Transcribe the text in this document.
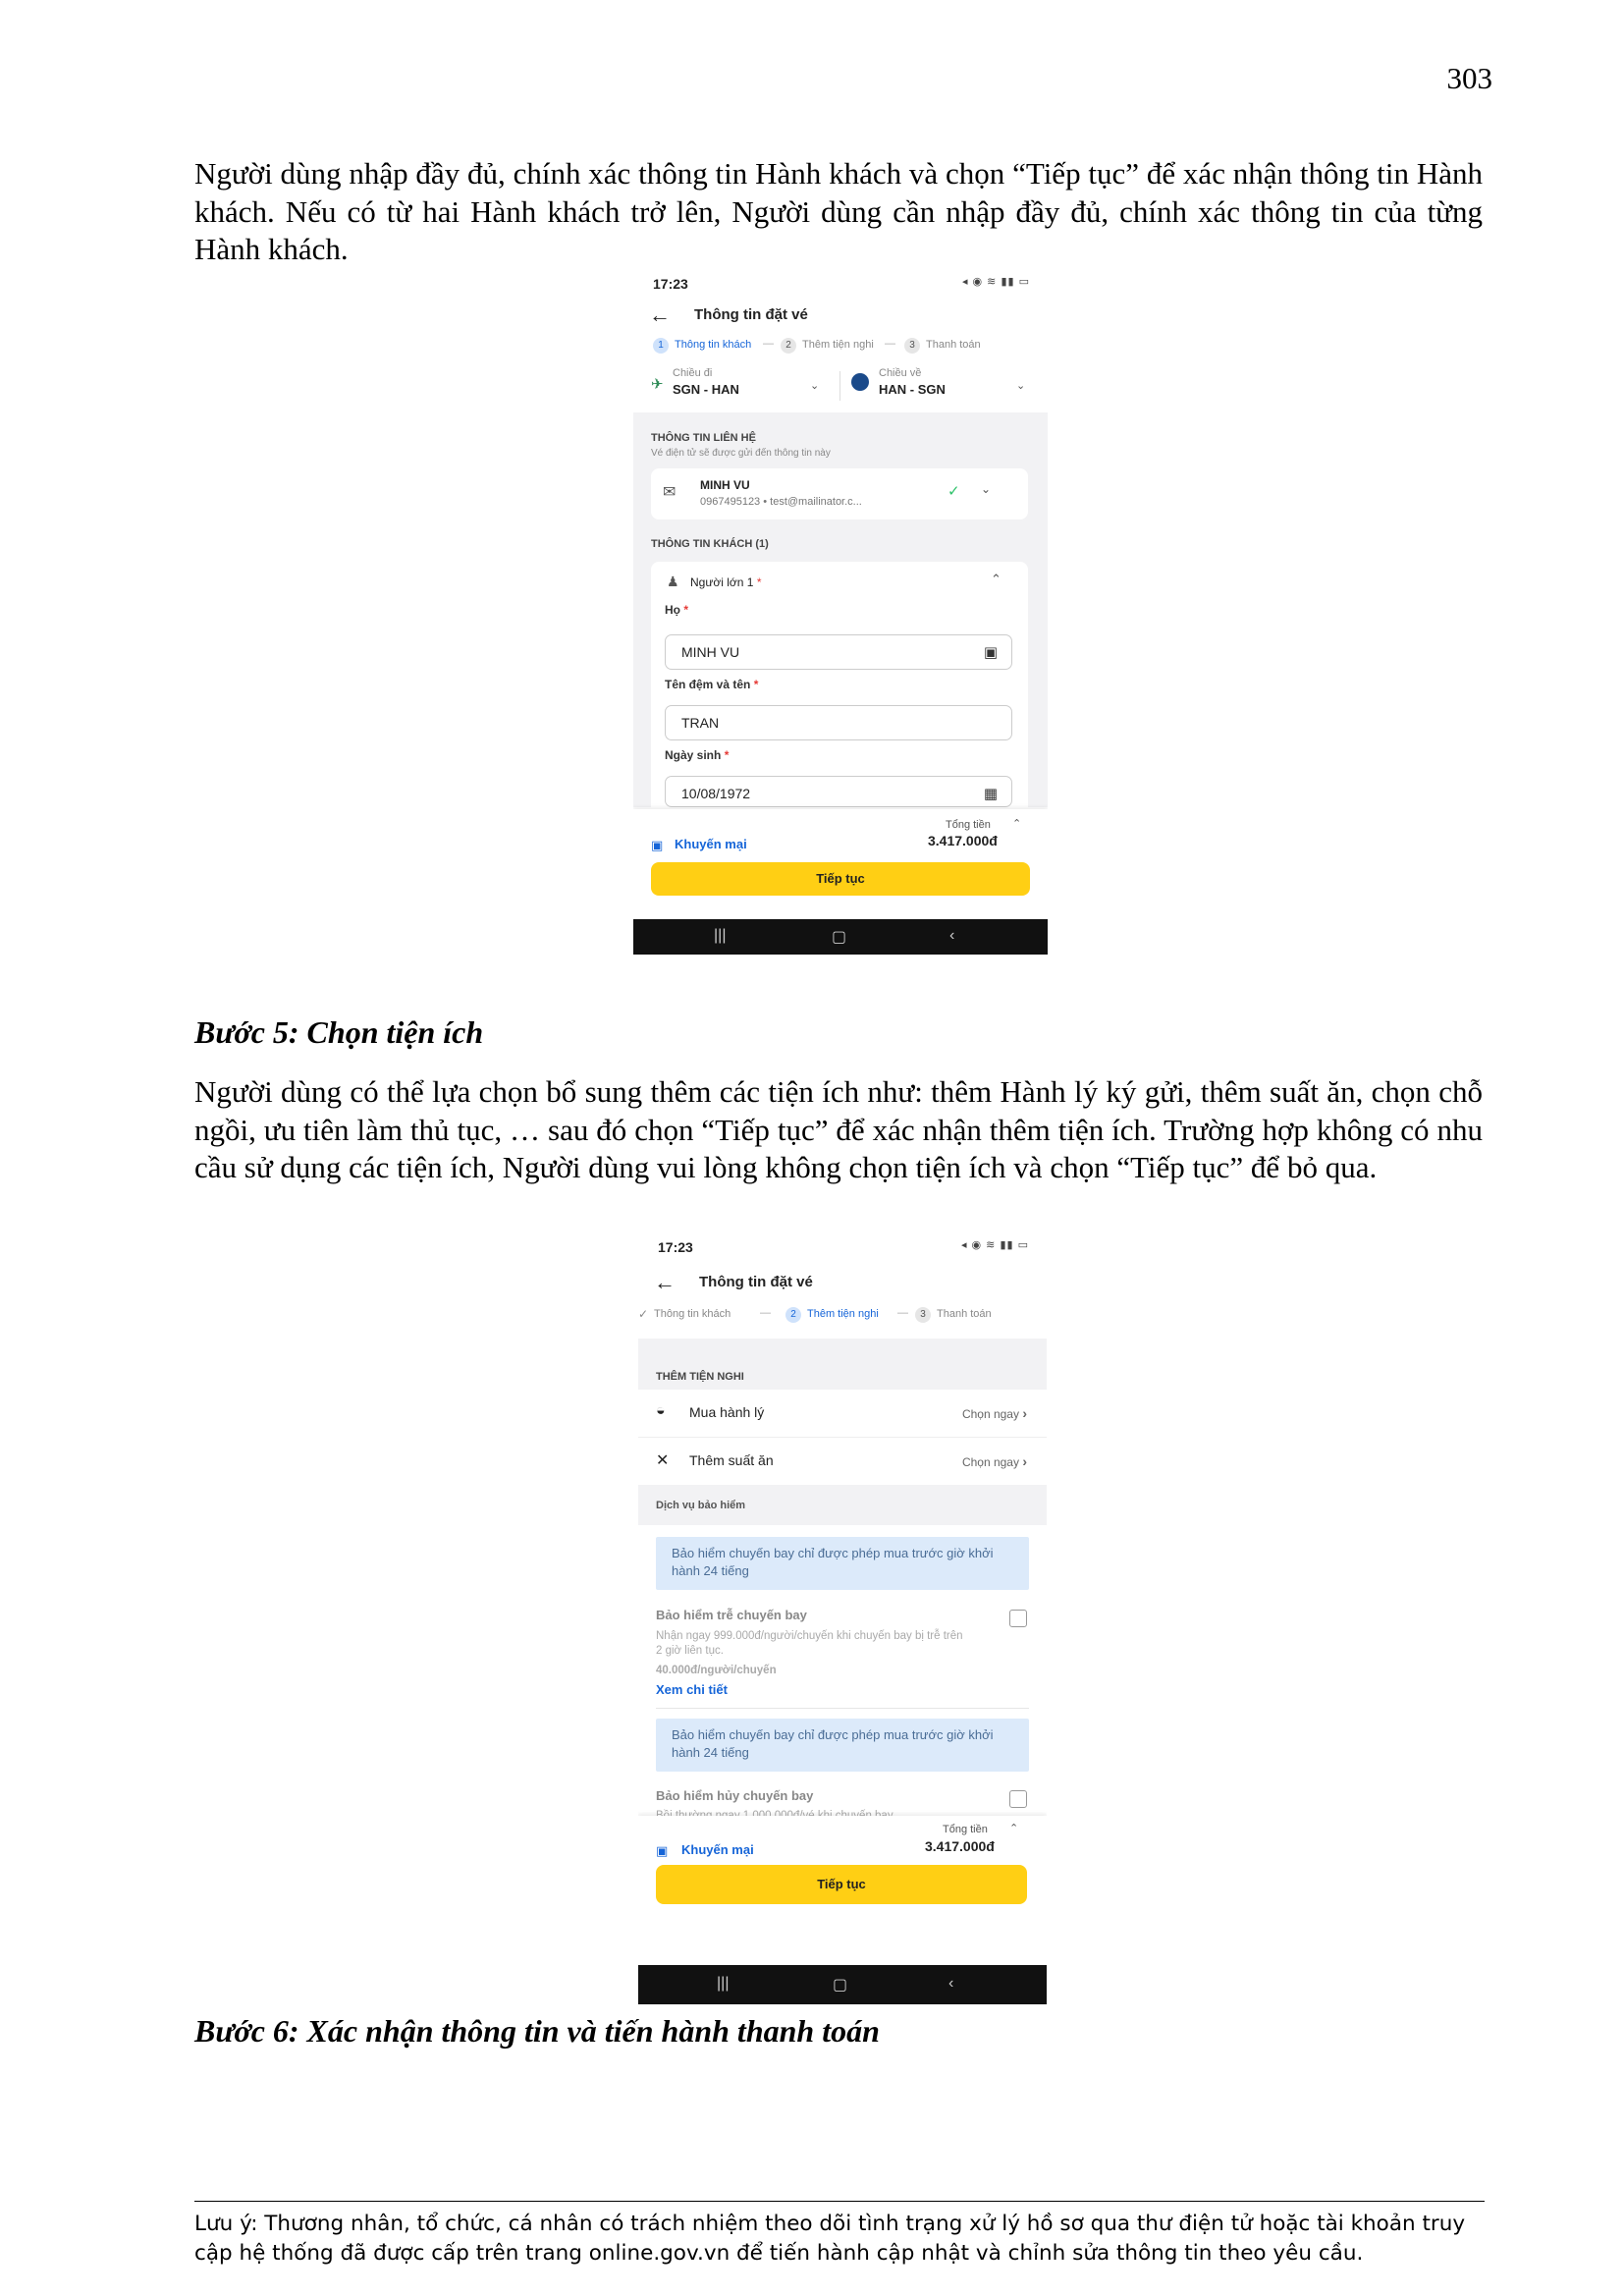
303
Người dùng nhập đầy đủ, chính xác thông tin Hành khách và chọn “Tiếp tục” để xác nhận thông tin Hành khách. Nếu có từ hai Hành khách trở lên, Người dùng cần nhập đầy đủ, chính xác thông tin của từng Hành khách.
17:23	◂ ◉ ≋ ▮▮ ▭
← Thông tin đặt vé
1	Thông tin khách —	2	Thêm tiện nghi —	3	Thanh toán
✈
Chiều đi
SGN - HAN	⌄
Chiều về
HAN - SGN	⌄
THÔNG TIN LIÊN HỆ
Vé điện tử sẽ được gửi đến thông tin này
✉ MINH VU
0967495123 • test@mailinator.c...
✓ ⌄
THÔNG TIN KHÁCH (1)
♟ Người lớn 1 *	⌃
Họ *
MINH VU	▣
Tên đệm và tên *
TRAN
Ngày sinh *
10/08/1972	▦
Tổng tiền ⌃
▣ Khuyến mại	3.417.000đ
Tiếp tục
|||	▢	‹
Bước 5: Chọn tiện ích
Người dùng có thể lựa chọn bổ sung thêm các tiện ích như: thêm Hành lý ký gửi, thêm suất ăn, chọn chỗ ngồi, ưu tiên làm thủ tục, … sau đó chọn “Tiếp tục” để xác nhận thêm tiện ích. Trường hợp không có nhu cầu sử dụng các tiện ích, Người dùng vui lòng không chọn tiện ích và chọn “Tiếp tục” để bỏ qua.
17:23	◂ ◉ ≋ ▮▮ ▭
← Thông tin đặt vé
✓ Thông tin khách	—	2	Thêm tiện nghi —	3	Thanh toán
THÊM TIỆN NGHI
◒ Mua hành lý	Chọn ngay ›
✕ Thêm suất ăn	Chọn ngay ›
Dịch vụ bảo hiểm
Bảo hiểm chuyến bay chỉ được phép mua trước giờ khởi hành 24 tiếng
Bảo hiểm trễ chuyến bay
Nhận ngay 999.000đ/người/chuyến khi chuyến bay bị trễ trên 2 giờ liên tục.
40.000đ/người/chuyến
Xem chi tiết
Bảo hiểm chuyến bay chỉ được phép mua trước giờ khởi hành 24 tiếng
Bảo hiểm hủy chuyến bay
Tổng tiền ⌃
▣ Khuyến mại	3.417.000đ
Tiếp tục
|||	▢	‹
Bước 6: Xác nhận thông tin và tiến hành thanh toán
Lưu ý: Thương nhân, tổ chức, cá nhân có trách nhiệm theo dõi tình trạng xử lý hồ sơ qua thư điện tử hoặc tài khoản truy cập hệ thống đã được cấp trên trang online.gov.vn để tiến hành cập nhật và chỉnh sửa thông tin theo yêu cầu.
